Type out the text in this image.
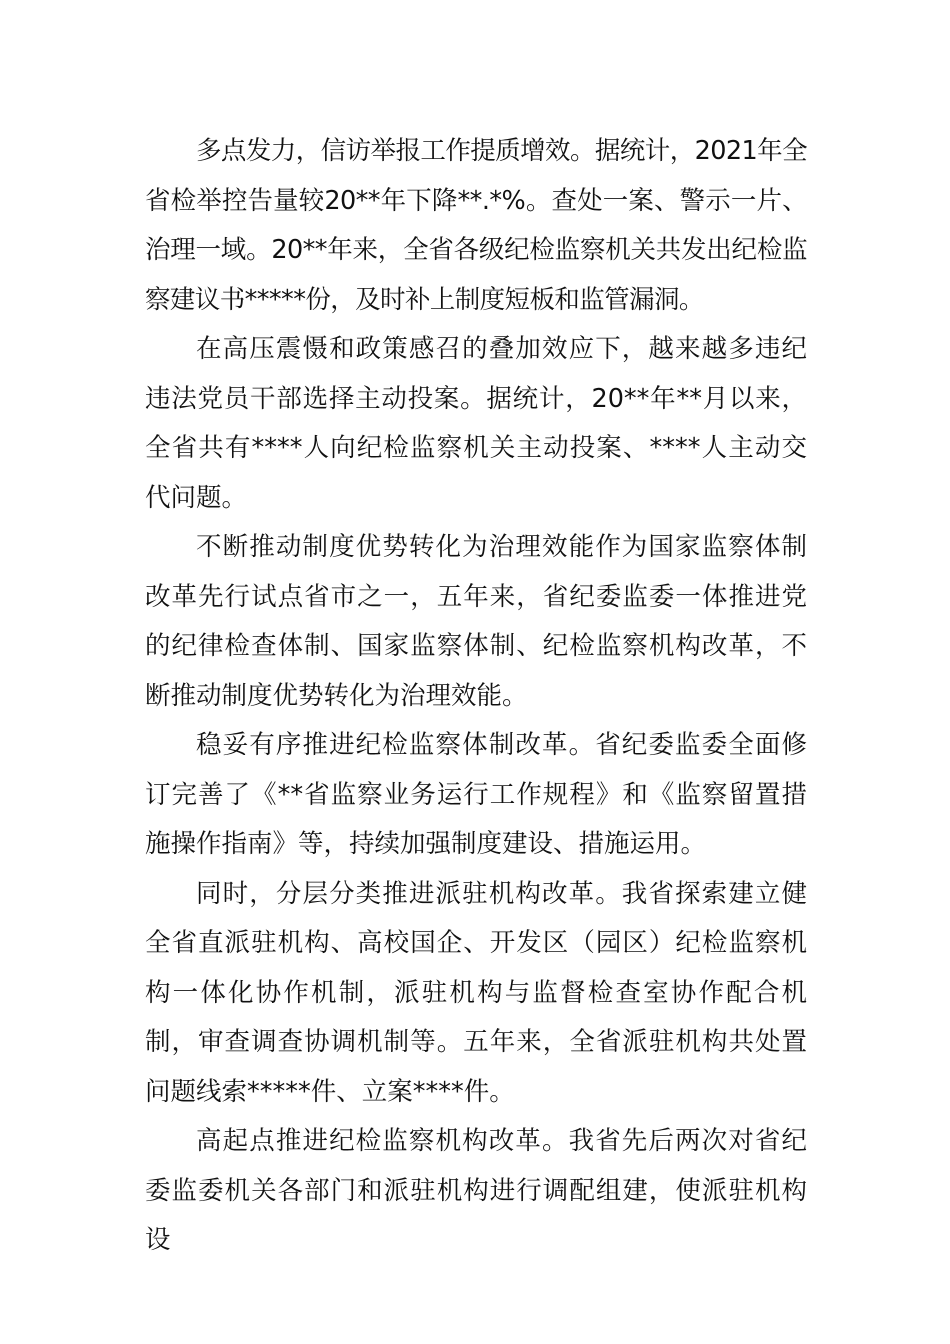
多点发力，信访举报工作提质增效。据统计，2021年全省检举控告量较20**年下降**.*%。查处一案、警示一片、治理一域。20**年来，全省各级纪检监察机关共发出纪检监察建议书*****份，及时补上制度短板和监管漏洞。

在高压震慑和政策感召的叠加效应下，越来越多违纪违法党员干部选择主动投案。据统计，20**年**月以来，全省共有****人向纪检监察机关主动投案、****人主动交代问题。

不断推动制度优势转化为治理效能作为国家监察体制改革先行试点省市之一，五年来，省纪委监委一体推进党的纪律检查体制、国家监察体制、纪检监察机构改革，不断推动制度优势转化为治理效能。

稳妥有序推进纪检监察体制改革。省纪委监委全面修订完善了《**省监察业务运行工作规程》和《监察留置措施操作指南》等，持续加强制度建设、措施运用。

同时，分层分类推进派驻机构改革。我省探索建立健全省直派驻机构、高校国企、开发区（园区）纪检监察机构一体化协作机制，派驻机构与监督检查室协作配合机制，审查调查协调机制等。五年来，全省派驻机构共处置问题线索*****件、立案****件。

高起点推进纪检监察机构改革。我省先后两次对省纪委监委机关各部门和派驻机构进行调配组建，使派驻机构设
